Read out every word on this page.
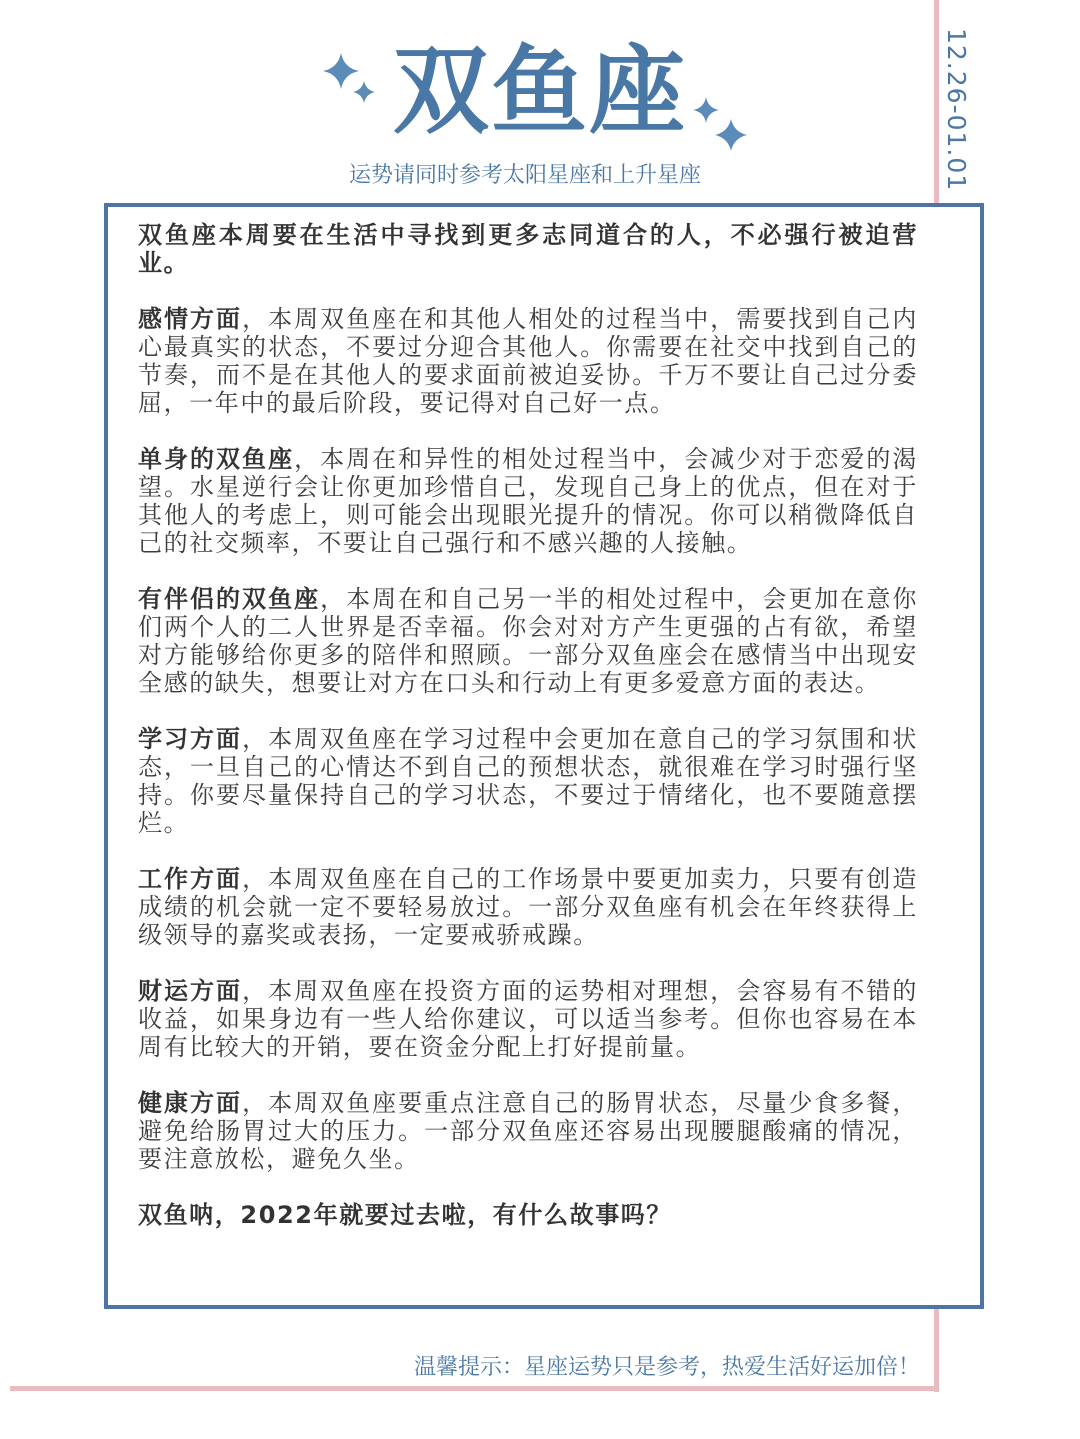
双鱼座

运势请同时参考太阳星座和上升星座	12.26-01.01

双鱼座本周要在生活中寻找到更多志同道合的人，不必强行被迫营业。

感情方面，本周双鱼座在和其他人相处的过程当中，需要找到自己内心最真实的状态，不要过分迎合其他人。你需要在社交中找到自己的节奏，而不是在其他人的要求面前被迫妥协。千万不要让自己过分委屈，一年中的最后阶段，要记得对自己好一点。

单身的双鱼座，本周在和异性的相处过程当中，会减少对于恋爱的渴望。水星逆行会让你更加珍惜自己，发现自己身上的优点，但在对于其他人的考虑上，则可能会出现眼光提升的情况。你可以稍微降低自己的社交频率，不要让自己强行和不感兴趣的人接触。

有伴侣的双鱼座，本周在和自己另一半的相处过程中，会更加在意你们两个人的二人世界是否幸福。你会对对方产生更强的占有欲，希望对方能够给你更多的陪伴和照顾。一部分双鱼座会在感情当中出现安全感的缺失，想要让对方在口头和行动上有更多爱意方面的表达。

学习方面，本周双鱼座在学习过程中会更加在意自己的学习氛围和状态，一旦自己的心情达不到自己的预想状态，就很难在学习时强行坚持。你要尽量保持自己的学习状态，不要过于情绪化，也不要随意摆烂。

工作方面，本周双鱼座在自己的工作场景中要更加卖力，只要有创造成绩的机会就一定不要轻易放过。一部分双鱼座有机会在年终获得上级领导的嘉奖或表扬，一定要戒骄戒躁。

财运方面，本周双鱼座在投资方面的运势相对理想，会容易有不错的收益，如果身边有一些人给你建议，可以适当参考。但你也容易在本周有比较大的开销，要在资金分配上打好提前量。

健康方面，本周双鱼座要重点注意自己的肠胃状态，尽量少食多餐，避免给肠胃过大的压力。一部分双鱼座还容易出现腰腿酸痛的情况，要注意放松，避免久坐。

双鱼呐，2022年就要过去啦，有什么故事吗？

温馨提示：星座运势只是参考，热爱生活好运加倍！
